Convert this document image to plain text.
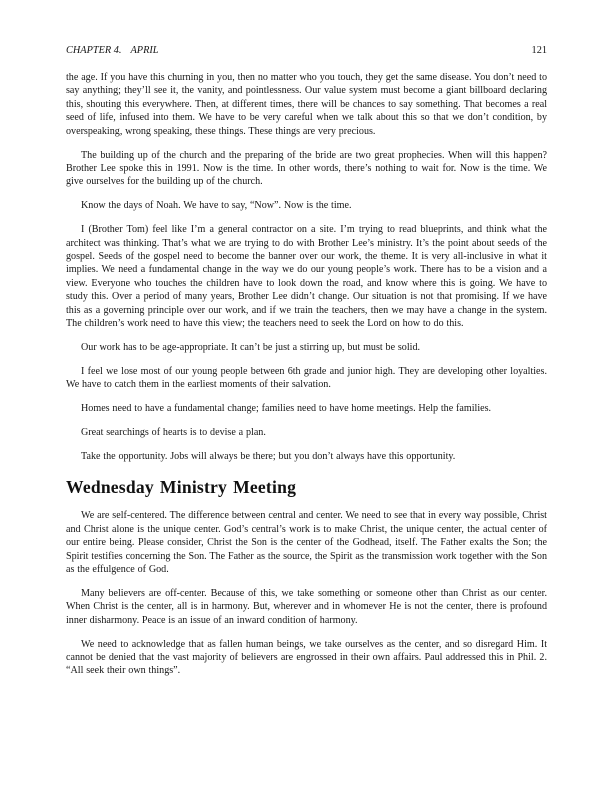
CHAPTER 4. APRIL	121

the age. If you have this churning in you, then no matter who you touch, they get the same disease. You don’t need to say anything; they’ll see it, the vanity, and pointlessness. Our value system must become a giant billboard declaring this, shouting this everywhere. Then, at different times, there will be chances to say something. That becomes a real seed of life, infused into them. We have to be very careful when we talk about this so that we don’t condition, by overspeaking, wrong speaking, these things. These things are very precious.

The building up of the church and the preparing of the bride are two great prophecies. When will this happen? Brother Lee spoke this in 1991. Now is the time. In other words, there’s nothing to wait for. Now is the time. We give ourselves for the building up of the church.

Know the days of Noah. We have to say, “Now”. Now is the time.

I (Brother Tom) feel like I’m a general contractor on a site. I’m trying to read blueprints, and think what the architect was thinking. That’s what we are trying to do with Brother Lee’s ministry. It’s the point about seeds of the gospel. Seeds of the gospel need to become the banner over our work, the theme. It is very all-inclusive in what it implies. We need a fundamental change in the way we do our young people’s work. There has to be a vision and a view. Everyone who touches the children have to look down the road, and know where this is going. We have to study this. Over a period of many years, Brother Lee didn’t change. Our situation is not that promising. If we have this as a governing principle over our work, and if we train the teachers, then we may have a change in the system. The children’s work need to have this view; the teachers need to seek the Lord on how to do this.

Our work has to be age-appropriate. It can’t be just a stirring up, but must be solid.

I feel we lose most of our young people between 6th grade and junior high. They are developing other loyalties. We have to catch them in the earliest moments of their salvation.

Homes need to have a fundamental change; families need to have home meetings. Help the families.

Great searchings of hearts is to devise a plan.

Take the opportunity. Jobs will always be there; but you don’t always have this opportunity.

Wednesday Ministry Meeting

We are self-centered. The difference between central and center. We need to see that in every way possible, Christ and Christ alone is the unique center. God’s central’s work is to make Christ, the unique center, the actual center of our entire being. Please consider, Christ the Son is the center of the Godhead, itself. The Father exalts the Son; the Spirit testifies concerning the Son. The Father as the source, the Spirit as the transmission work together with the Son as the effulgence of God.

Many believers are off-center. Because of this, we take something or someone other than Christ as our center. When Christ is the center, all is in harmony. But, wherever and in whomever He is not the center, there is profound inner disharmony. Peace is an issue of an inward condition of harmony.

We need to acknowledge that as fallen human beings, we take ourselves as the center, and so disregard Him. It cannot be denied that the vast majority of believers are engrossed in their own affairs. Paul addressed this in Phil. 2. “All seek their own things”.
